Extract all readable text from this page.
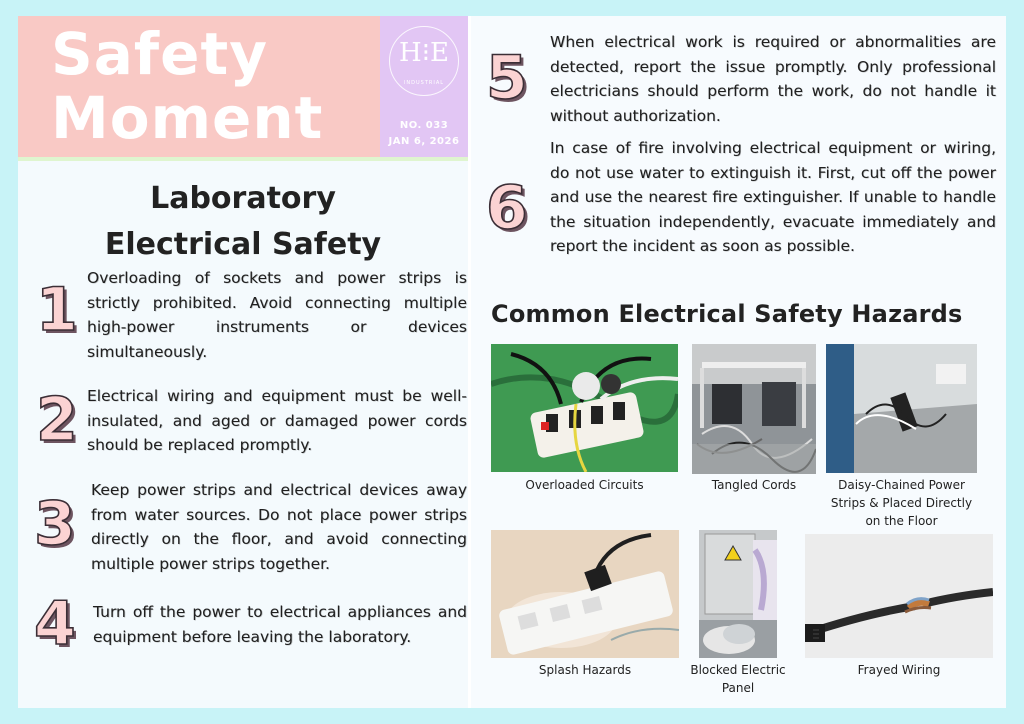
Safety
Moment
H⁝E
INDUSTRIAL
NO. 033
JAN 6, 2026
Laboratory
Electrical Safety
1 Overloading of sockets and power strips is strictly prohibited. Avoid connecting multiple high-power instruments or devices simultaneously.
2 Electrical wiring and equipment must be well-insulated, and aged or damaged power cords should be replaced promptly.
3 Keep power strips and electrical devices away from water sources. Do not place power strips directly on the floor, and avoid connecting multiple power strips together.
4 Turn off the power to electrical appliances and equipment before leaving the laboratory.
5
When electrical work is required or abnormalities are detected, report the issue promptly. Only professional electricians should perform the work, do not handle it without authorization.
6
In case of fire involving electrical equipment or wiring, do not use water to extinguish it. First, cut off the power and use the nearest fire extinguisher. If unable to handle the situation independently, evacuate immediately and report the incident as soon as possible.
Common Electrical Safety Hazards
Overloaded Circuits	Tangled Cords	Daisy-Chained Power Strips & Placed Directly on the Floor
Splash Hazards	Blocked Electric Panel
Frayed Wiring
